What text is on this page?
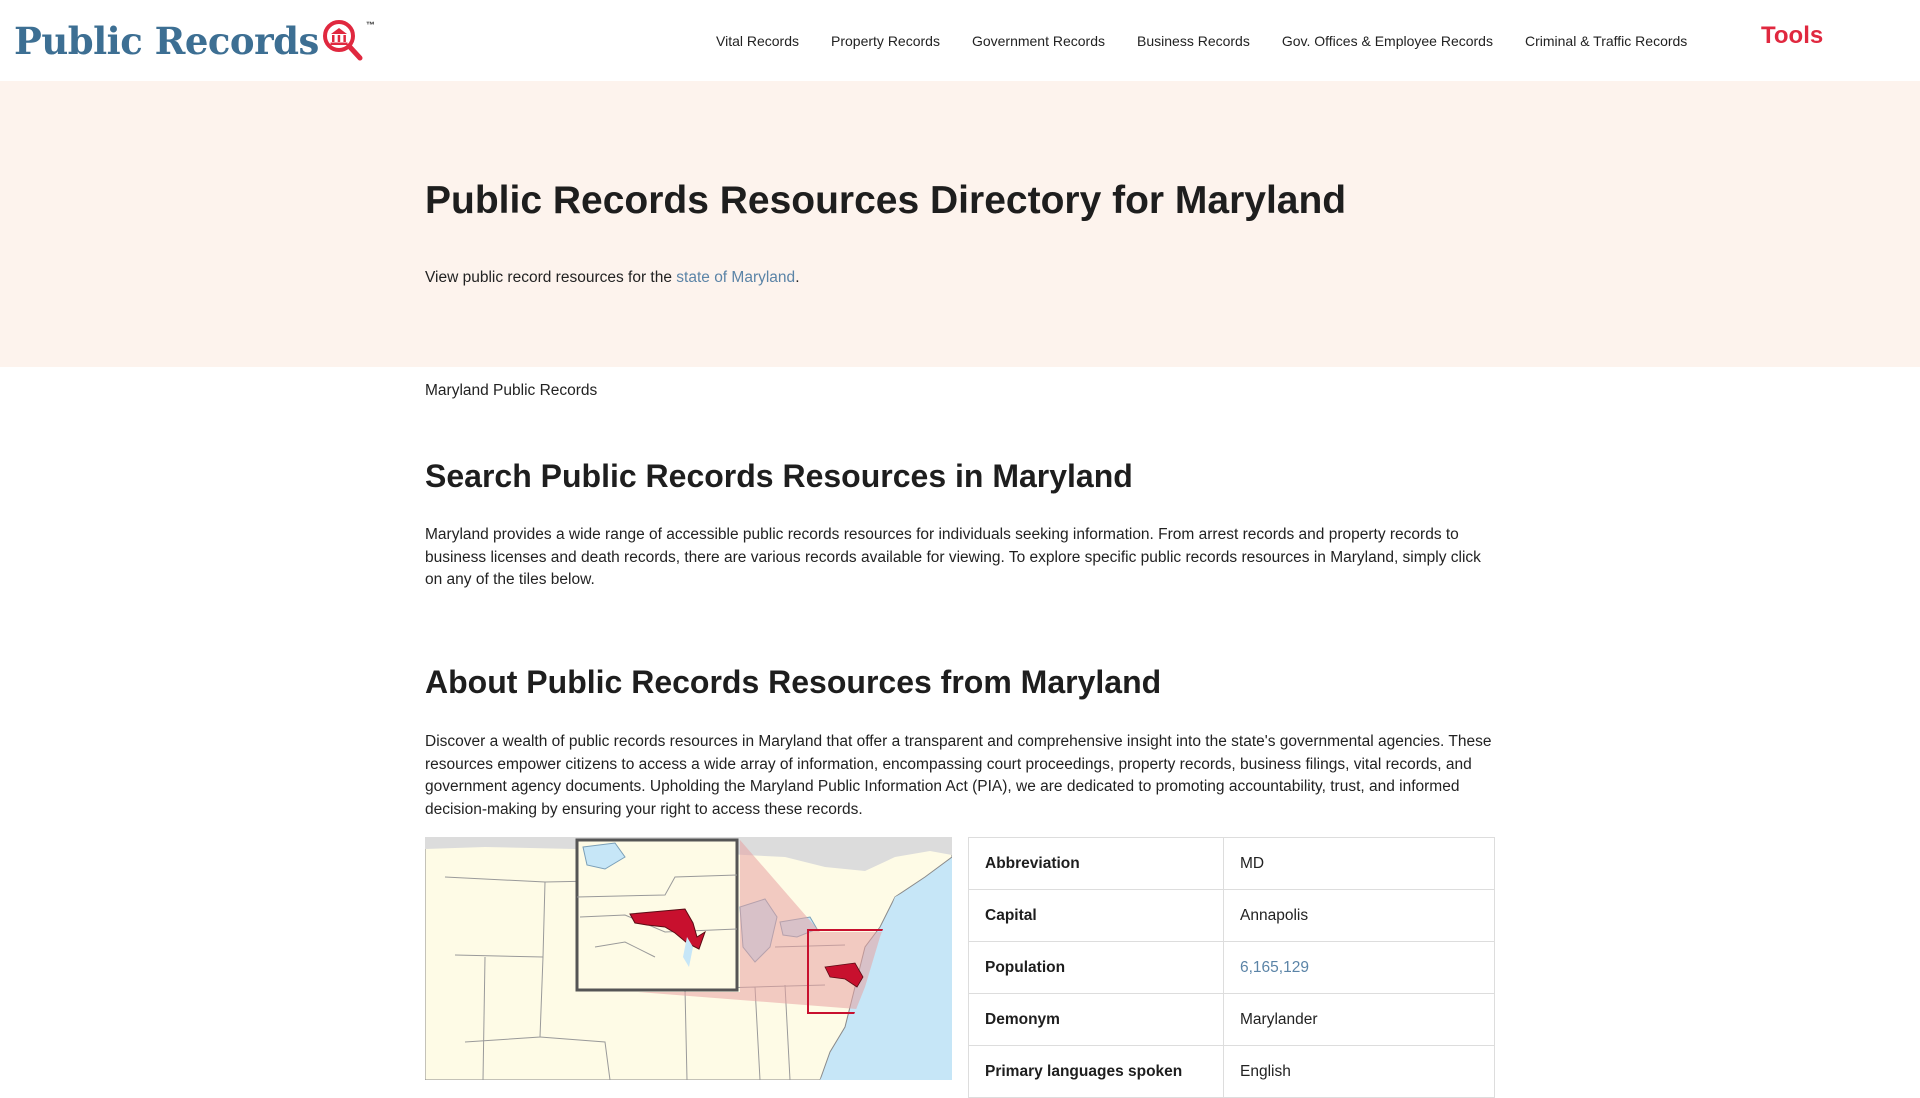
Public Records	™
Vital Records Property Records Government Records Business Records Gov. Offices & Employee Records Criminal & Traffic Records	Tools
Public Records Resources Directory for Maryland
View public record resources for the state of Maryland.
Maryland Public Records
Search Public Records Resources in Maryland

Maryland provides a wide range of accessible public records resources for individuals seeking information. From arrest records and property records to business licenses and death records, there are various records available for viewing. To explore specific public records resources in Maryland, simply click on any of the tiles below.

About Public Records Resources from Maryland

Discover a wealth of public records resources in Maryland that offer a transparent and comprehensive insight into the state's governmental agencies. These resources empower citizens to access a wide array of information, encompassing court proceedings, property records, business filings, vital records, and government agency documents. Upholding the Maryland Public Information Act (PIA), we are dedicated to promoting accountability, trust, and informed decision-making by ensuring your right to access these records.

Abbreviation	MD
Capital	Annapolis
Population	6,165,129
Demonym	Marylander
Primary languages spoken	English
